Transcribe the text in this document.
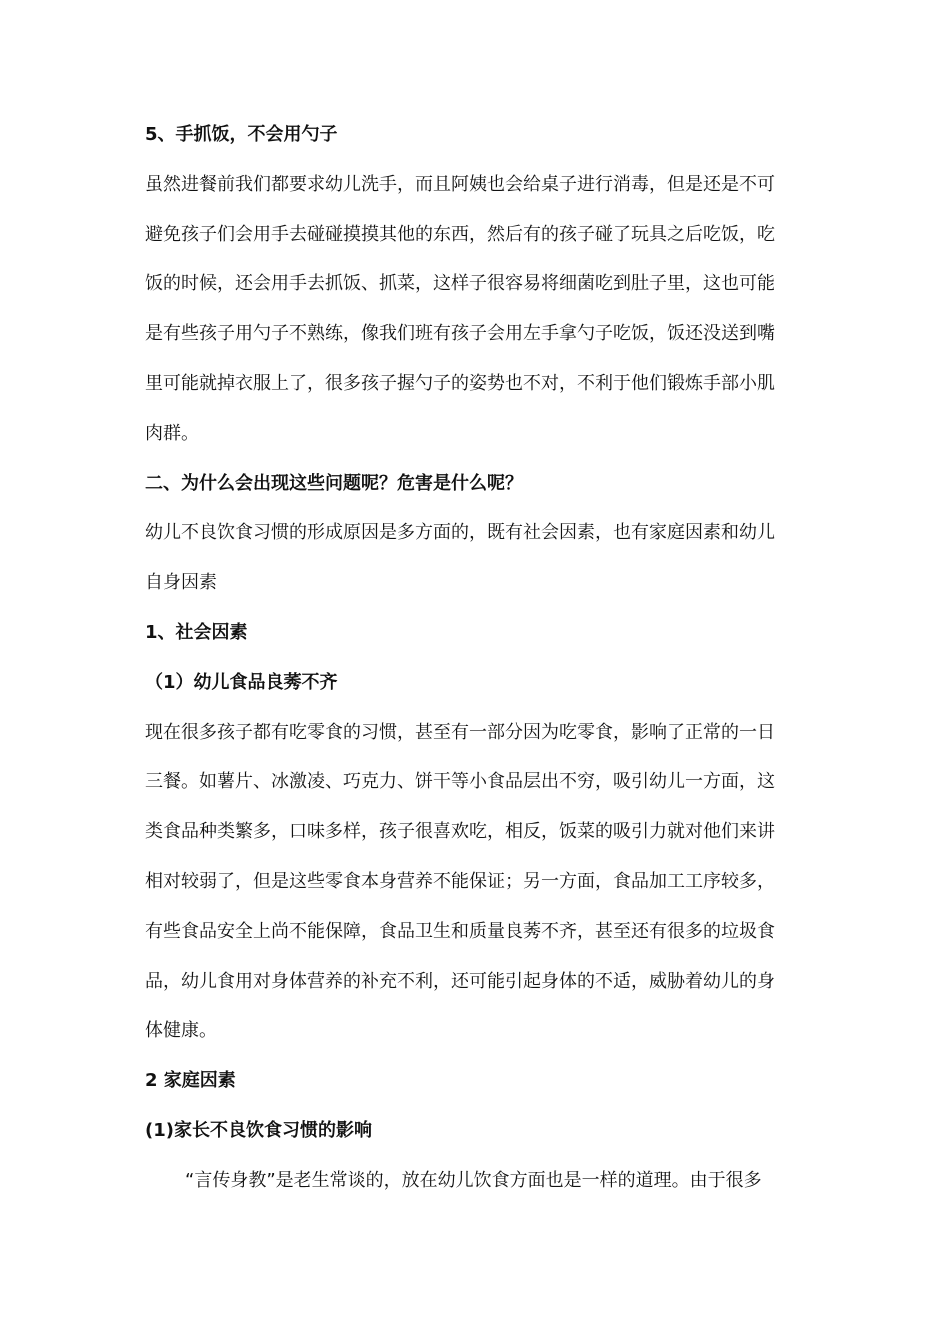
5、手抓饭，不会用勺子
虽然进餐前我们都要求幼儿洗手，而且阿姨也会给桌子进行消毒，但是还是不可
避免孩子们会用手去碰碰摸摸其他的东西，然后有的孩子碰了玩具之后吃饭，吃
饭的时候，还会用手去抓饭、抓菜，这样子很容易将细菌吃到肚子里，这也可能
是有些孩子用勺子不熟练，像我们班有孩子会用左手拿勺子吃饭，饭还没送到嘴
里可能就掉衣服上了，很多孩子握勺子的姿势也不对，不利于他们锻炼手部小肌
肉群。
二、为什么会出现这些问题呢？危害是什么呢？
幼儿不良饮食习惯的形成原因是多方面的，既有社会因素，也有家庭因素和幼儿
自身因素
1、社会因素
（1）幼儿食品良莠不齐
现在很多孩子都有吃零食的习惯，甚至有一部分因为吃零食，影响了正常的一日
三餐。如薯片、冰激凌、巧克力、饼干等小食品层出不穷，吸引幼儿一方面，这
类食品种类繁多，口味多样，孩子很喜欢吃，相反，饭菜的吸引力就对他们来讲
相对较弱了，但是这些零食本身营养不能保证；另一方面，食品加工工序较多，
有些食品安全上尚不能保障，食品卫生和质量良莠不齐，甚至还有很多的垃圾食
品，幼儿食用对身体营养的补充不利，还可能引起身体的不适，威胁着幼儿的身
体健康。
2 家庭因素
(1)家长不良饮食习惯的影响
“言传身教”是老生常谈的，放在幼儿饮食方面也是一样的道理。由于很多
